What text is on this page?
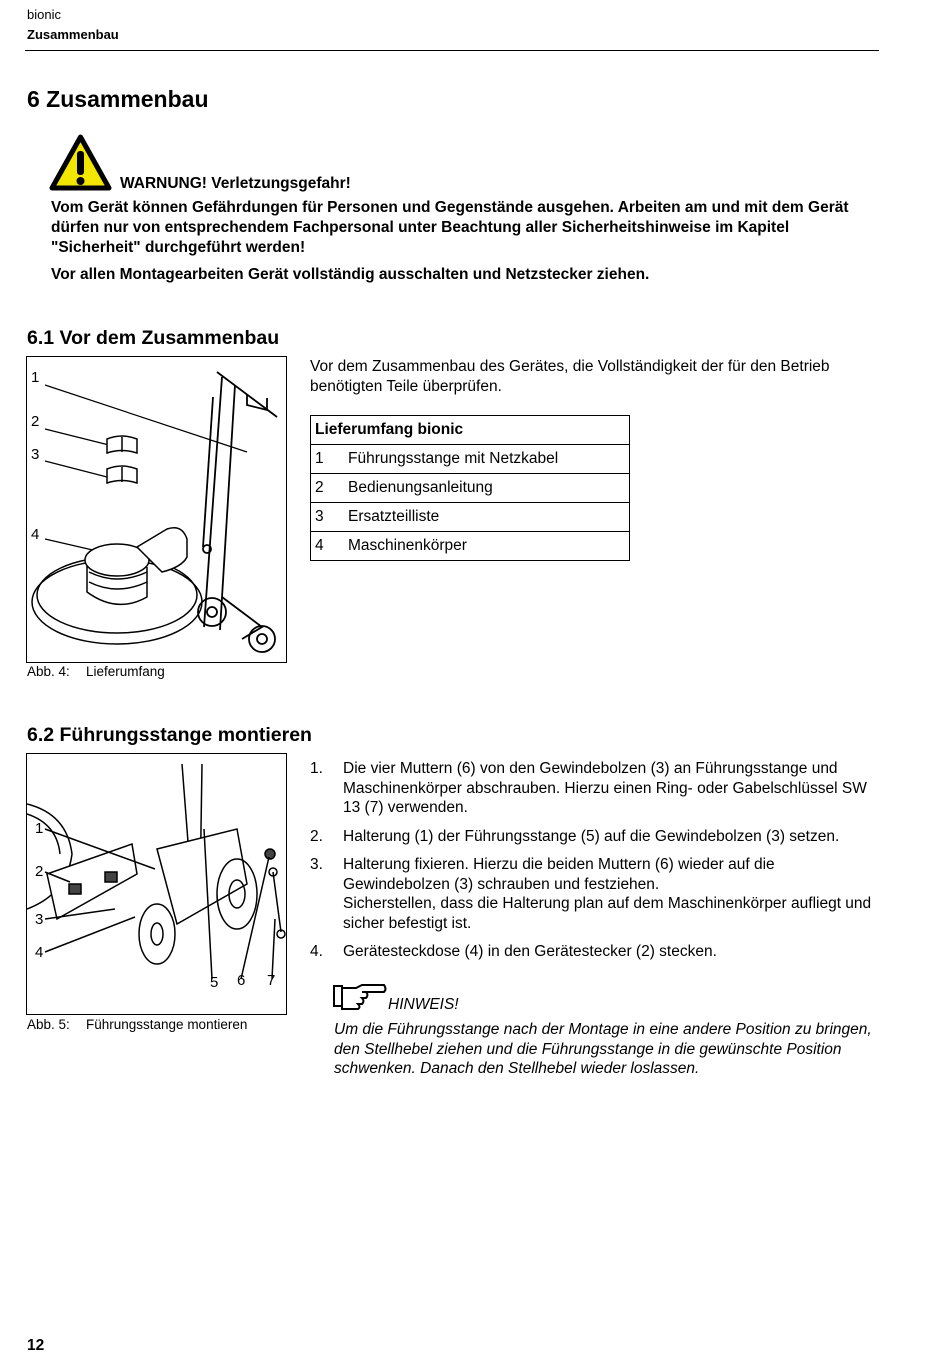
bionic
Zusammenbau
6 Zusammenbau
WARNUNG! Verletzungsgefahr!
Vom Gerät können Gefährdungen für Personen und Gegenstände ausgehen. Arbeiten am und mit dem Gerät dürfen nur von entsprechendem Fachpersonal unter Beachtung aller Sicherheitshinweise im Kapitel "Sicherheit" durchgeführt werden!
Vor allen Montagearbeiten Gerät vollständig ausschalten und Netzstecker ziehen.
6.1 Vor dem Zusammenbau
1
2
3
4
Abb. 4: Lieferumfang
Vor dem Zusammenbau des Gerätes, die Vollständigkeit der für den Betrieb benötigten Teile überprüfen.
Lieferumfang bionic
1 Führungsstange mit Netzkabel
2 Bedienungsanleitung
3 Ersatzteilliste
4 Maschinenkörper
6.2 Führungsstange montieren
1
2
3
4
5 6 7
Abb. 5: Führungsstange montieren
1. Die vier Muttern (6) von den Gewindebolzen (3) an Führungsstange und Maschinenkörper abschrauben. Hierzu einen Ring- oder Gabelschlüssel SW 13 (7) verwenden.
2. Halterung (1) der Führungsstange (5) auf die Gewindebolzen (3) setzen.
3. Halterung fixieren. Hierzu die beiden Muttern (6) wieder auf die Gewindebolzen (3) schrauben und festziehen.
Sicherstellen, dass die Halterung plan auf dem Maschinenkörper aufliegt und sicher befestigt ist.
4. Gerätesteckdose (4) in den Gerätestecker (2) stecken.
HINWEIS!
Um die Führungsstange nach der Montage in eine andere Position zu bringen, den Stellhebel ziehen und die Führungsstange in die gewünschte Position schwenken. Danach den Stellhebel wieder loslassen.
12
